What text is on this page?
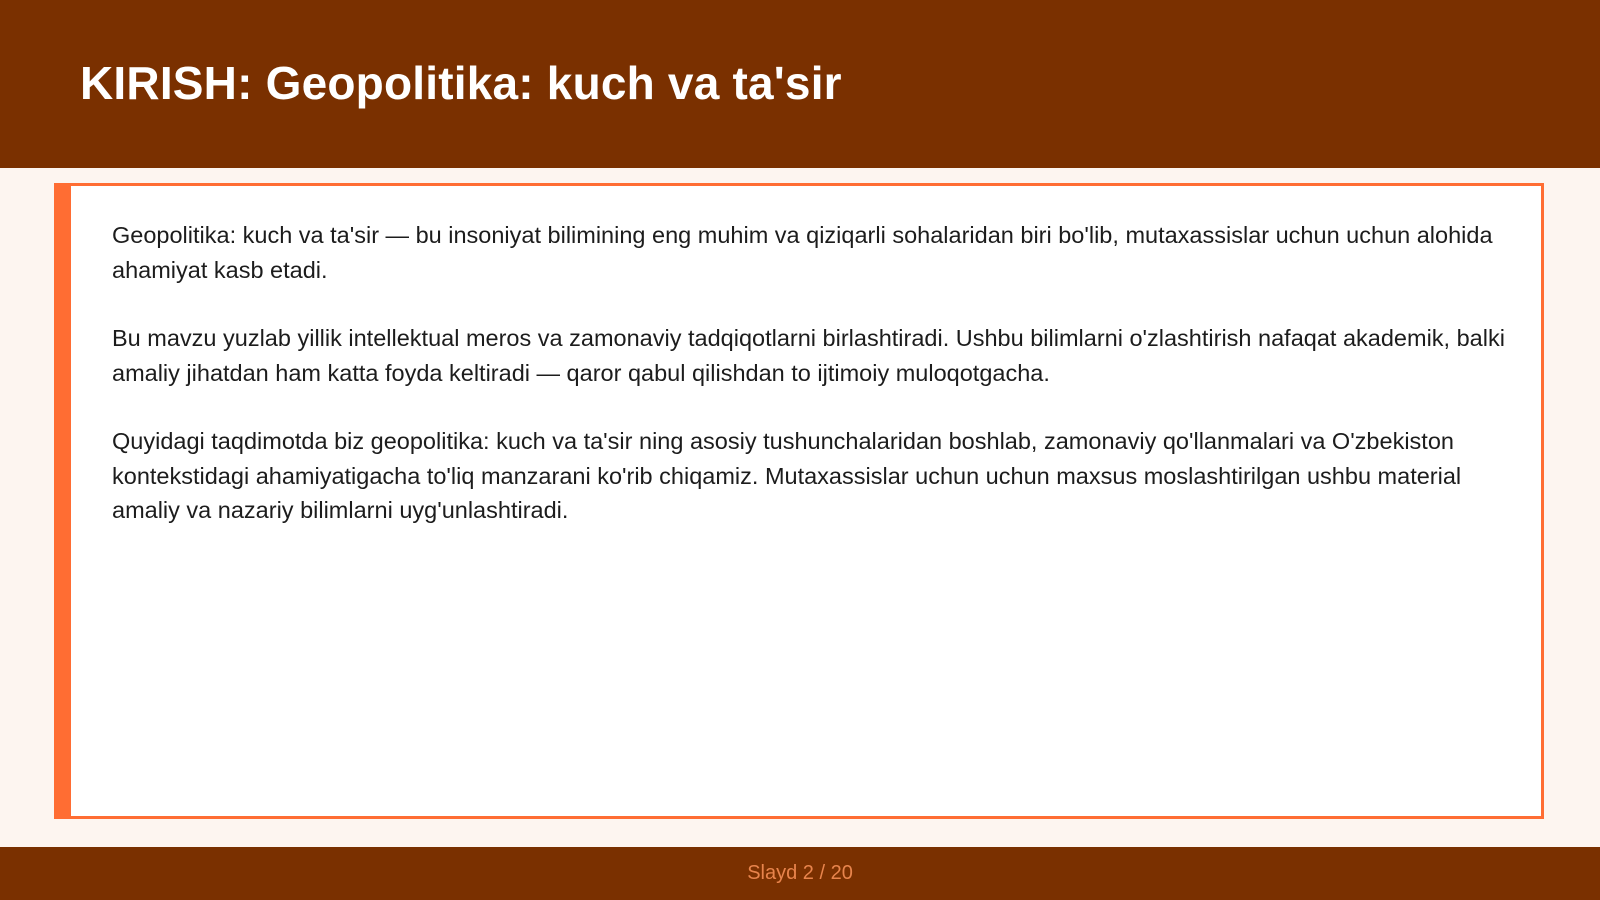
KIRISH: Geopolitika: kuch va ta'sir

Geopolitika: kuch va ta'sir — bu insoniyat bilimining eng muhim va qiziqarli sohalaridan biri bo'lib, mutaxassislar uchun uchun alohida ahamiyat kasb etadi.

Bu mavzu yuzlab yillik intellektual meros va zamonaviy tadqiqotlarni birlashtiradi. Ushbu bilimlarni o'zlashtirish nafaqat akademik, balki amaliy jihatdan ham katta foyda keltiradi — qaror qabul qilishdan to ijtimoiy muloqotgacha.

Quyidagi taqdimotda biz geopolitika: kuch va ta'sir ning asosiy tushunchalaridan boshlab, zamonaviy qo'llanmalari va O'zbekiston kontekstidagi ahamiyatigacha to'liq manzarani ko'rib chiqamiz. Mutaxassislar uchun uchun maxsus moslashtirilgan ushbu material amaliy va nazariy bilimlarni uyg'unlashtiradi.

Slayd 2 / 20
